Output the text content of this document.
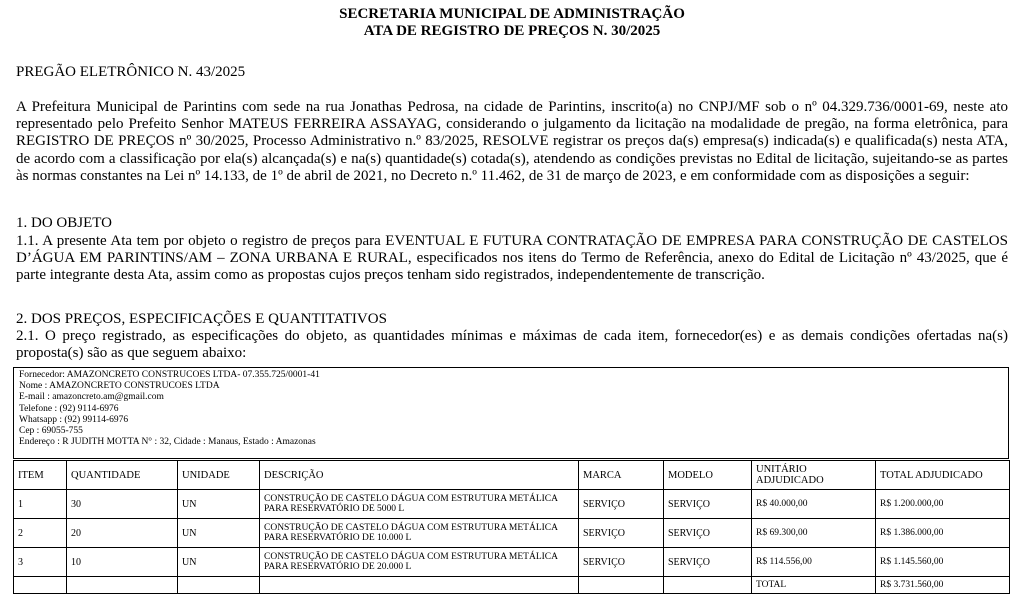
SECRETARIA MUNICIPAL DE ADMINISTRAÇÃO
ATA DE REGISTRO DE PREÇOS N. 30/2025
PREGÃO ELETRÔNICO N. 43/2025
A Prefeitura Municipal de Parintins com sede na rua Jonathas Pedrosa, na cidade de Parintins, inscrito(a) no CNPJ/MF sob o nº 04.329.736/0001-69, neste ato representado pelo Prefeito Senhor MATEUS FERREIRA ASSAYAG, considerando o julgamento da licitação na modalidade de pregão, na forma eletrônica, para REGISTRO DE PREÇOS nº 30/2025, Processo Administrativo n.º 83/2025, RESOLVE registrar os preços da(s) empresa(s) indicada(s) e qualificada(s) nesta ATA, de acordo com a classificação por ela(s) alcançada(s) e na(s) quantidade(s) cotada(s), atendendo as condições previstas no Edital de licitação, sujeitando-se as partes às normas constantes na Lei nº 14.133, de 1º de abril de 2021, no Decreto n.º 11.462, de 31 de março de 2023, e em conformidade com as disposições a seguir:
1. DO OBJETO
1.1. A presente Ata tem por objeto o registro de preços para EVENTUAL E FUTURA CONTRATAÇÃO DE EMPRESA PARA CONSTRUÇÃO DE CASTELOS D’ÁGUA EM PARINTINS/AM – ZONA URBANA E RURAL, especificados nos itens do Termo de Referência, anexo do Edital de Licitação nº 43/2025, que é parte integrante desta Ata, assim como as propostas cujos preços tenham sido registrados, independentemente de transcrição.
2. DOS PREÇOS, ESPECIFICAÇÕES E QUANTITATIVOS
2.1. O preço registrado, as especificações do objeto, as quantidades mínimas e máximas de cada item, fornecedor(es) e as demais condições ofertadas na(s) proposta(s) são as que seguem abaixo:
Fornecedor: AMAZONCRETO CONSTRUCOES LTDA- 07.355.725/0001-41
Nome : AMAZONCRETO CONSTRUCOES LTDA
E-mail : amazoncreto.am@gmail.com
Telefone : (92) 9114-6976
Whatsapp : (92) 99114-6976
Cep : 69055-755
Endereço : R JUDITH MOTTA N° : 32, Cidade : Manaus, Estado : Amazonas
ITEM	QUANTIDADE	UNIDADE	DESCRIÇÃO	MARCA	MODELO	UNITÁRIO ADJUDICADO	TOTAL ADJUDICADO
1	30	UN	CONSTRUÇÃO DE CASTELO DÁGUA COM ESTRUTURA METÁLICA PARA RESERVATÓRIO DE 5000 L	SERVIÇO	SERVIÇO	R$ 40.000,00	R$ 1.200.000,00
2	20	UN	CONSTRUÇÃO DE CASTELO DÁGUA COM ESTRUTURA METÁLICA PARA RESERVATÓRIO DE 10.000 L	SERVIÇO	SERVIÇO	R$ 69.300,00	R$ 1.386.000,00
3	10	UN	CONSTRUÇÃO DE CASTELO DÁGUA COM ESTRUTURA METÁLICA PARA RESERVATÓRIO DE 20.000 L	SERVIÇO	SERVIÇO	R$ 114.556,00	R$ 1.145.560,00
						TOTAL	R$ 3.731.560,00
